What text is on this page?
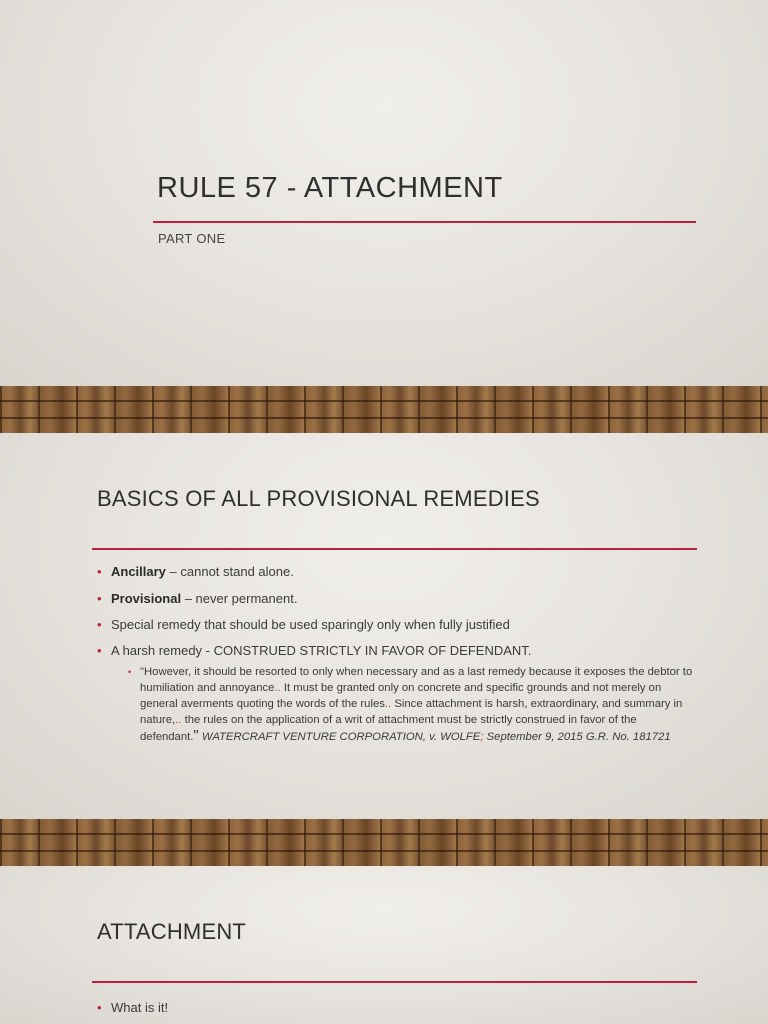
RULE 57 - ATTACHMENT
PART ONE
BASICS OF ALL PROVISIONAL REMEDIES
• Ancillary – cannot stand alone.
• Provisional – never permanent.
• Special remedy that should be used sparingly only when fully justified
• A harsh remedy - CONSTRUED STRICTLY IN FAVOR OF DEFENDANT.
• "However, it should be resorted to only when necessary and as a last remedy because it exposes the debtor to humiliation and annoyance.. It must be granted only on concrete and specific grounds and not merely on general averments quoting the words of the rules.. Since attachment is harsh, extraordinary, and summary in nature,.. the rules on the application of a writ of attachment must be strictly construed in favor of the defendant." WATERCRAFT VENTURE CORPORATION, v. WOLFE; September 9, 2015 G.R. No. 181721
ATTACHMENT
• What is it!
